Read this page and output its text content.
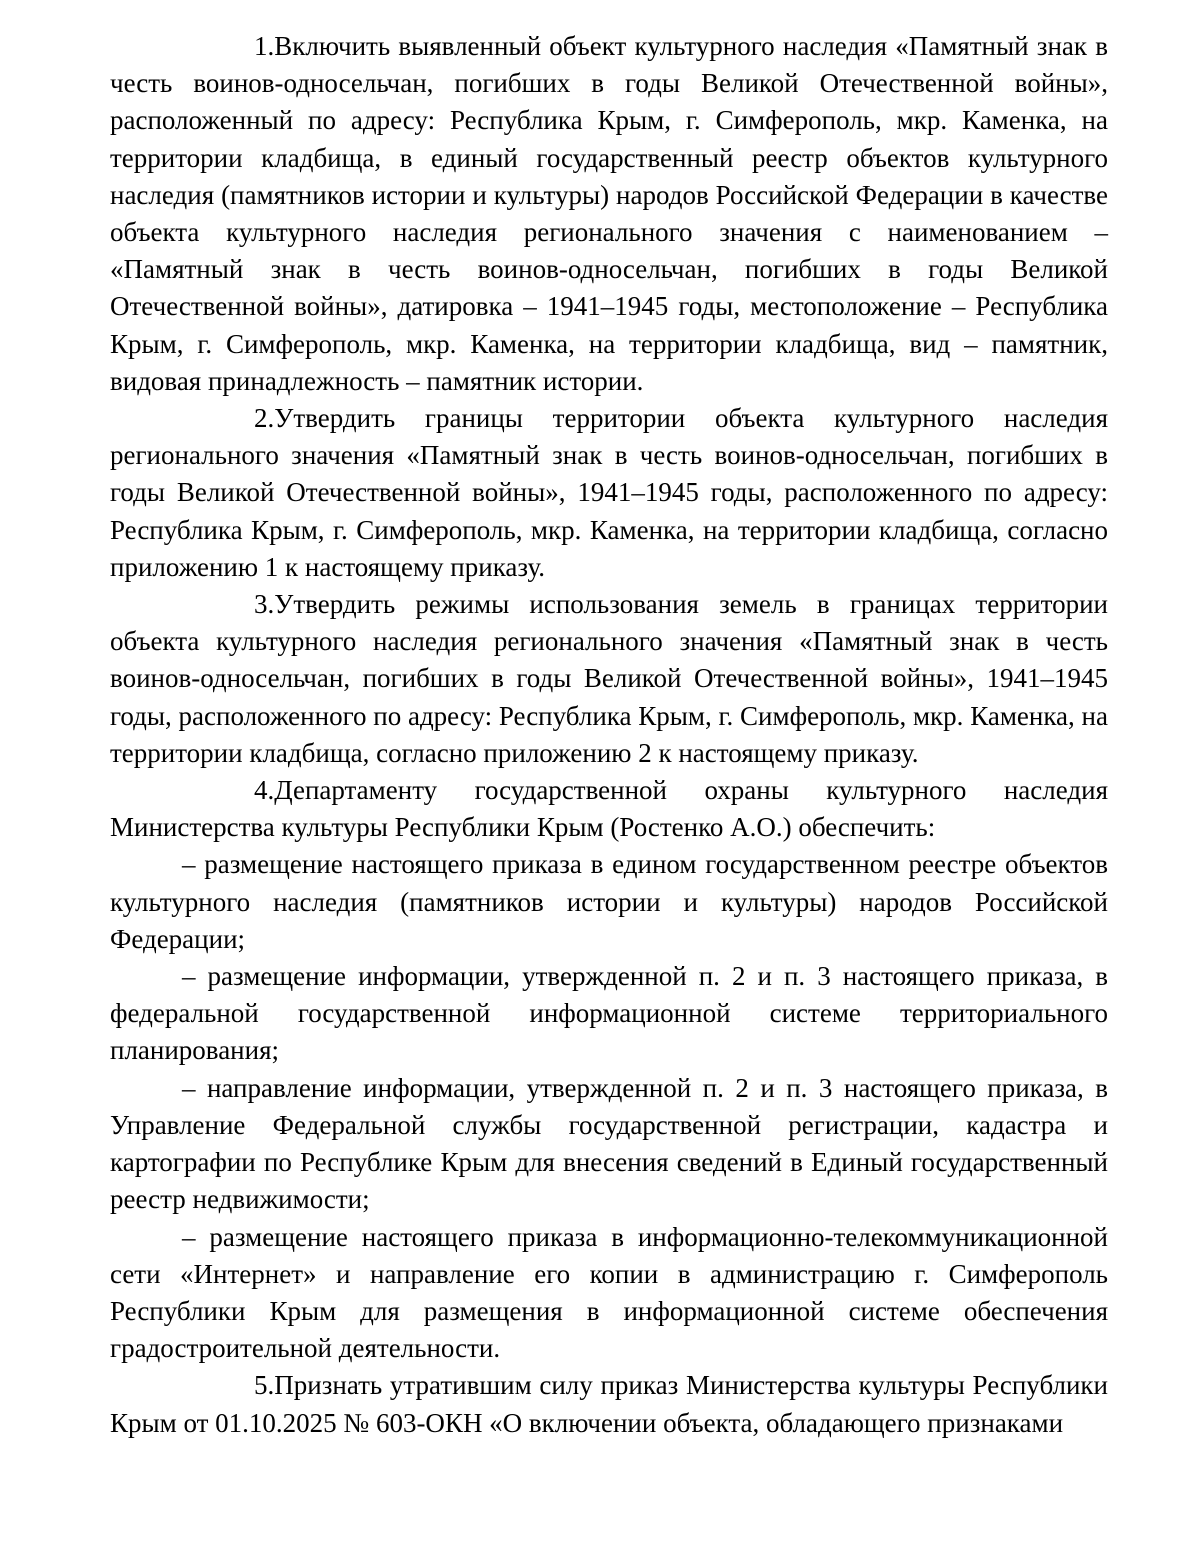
1.Включить выявленный объект культурного наследия «Памятный знак в честь воинов-односельчан, погибших в годы Великой Отечественной войны», расположенный по адресу: Республика Крым, г. Симферополь, мкр. Каменка, на территории кладбища, в единый государственный реестр объектов культурного наследия (памятников истории и культуры) народов Российской Федерации в качестве объекта культурного наследия регионального значения с наименованием – «Памятный знак в честь воинов-односельчан, погибших в годы Великой Отечественной войны», датировка – 1941–1945 годы, местоположение – Республика Крым, г. Симферополь, мкр. Каменка, на территории кладбища, вид – памятник, видовая принадлежность – памятник истории.

2.Утвердить границы территории объекта культурного наследия регионального значения «Памятный знак в честь воинов-односельчан, погибших в годы Великой Отечественной войны», 1941–1945 годы, расположенного по адресу: Республика Крым, г. Симферополь, мкр. Каменка, на территории кладбища, согласно приложению 1 к настоящему приказу.

3.Утвердить режимы использования земель в границах территории объекта культурного наследия регионального значения «Памятный знак в честь воинов-односельчан, погибших в годы Великой Отечественной войны», 1941–1945 годы, расположенного по адресу: Республика Крым, г. Симферополь, мкр. Каменка, на территории кладбища, согласно приложению 2 к настоящему приказу.

4.Департаменту государственной охраны культурного наследия Министерства культуры Республики Крым (Ростенко А.О.) обеспечить:

– размещение настоящего приказа в едином государственном реестре объектов культурного наследия (памятников истории и культуры) народов Российской Федерации;

– размещение информации, утвержденной п. 2 и п. 3 настоящего приказа, в федеральной государственной информационной системе территориального планирования;

– направление информации, утвержденной п. 2 и п. 3 настоящего приказа, в Управление Федеральной службы государственной регистрации, кадастра и картографии по Республике Крым для внесения сведений в Единый государственный реестр недвижимости;

– размещение настоящего приказа в информационно-телекоммуникационной сети «Интернет» и направление его копии в администрацию г. Симферополь Республики Крым для размещения в информационной системе обеспечения градостроительной деятельности.

5.Признать утратившим силу приказ Министерства культуры Республики Крым от 01.10.2025 № 603-ОКН «О включении объекта, обладающего признаками
